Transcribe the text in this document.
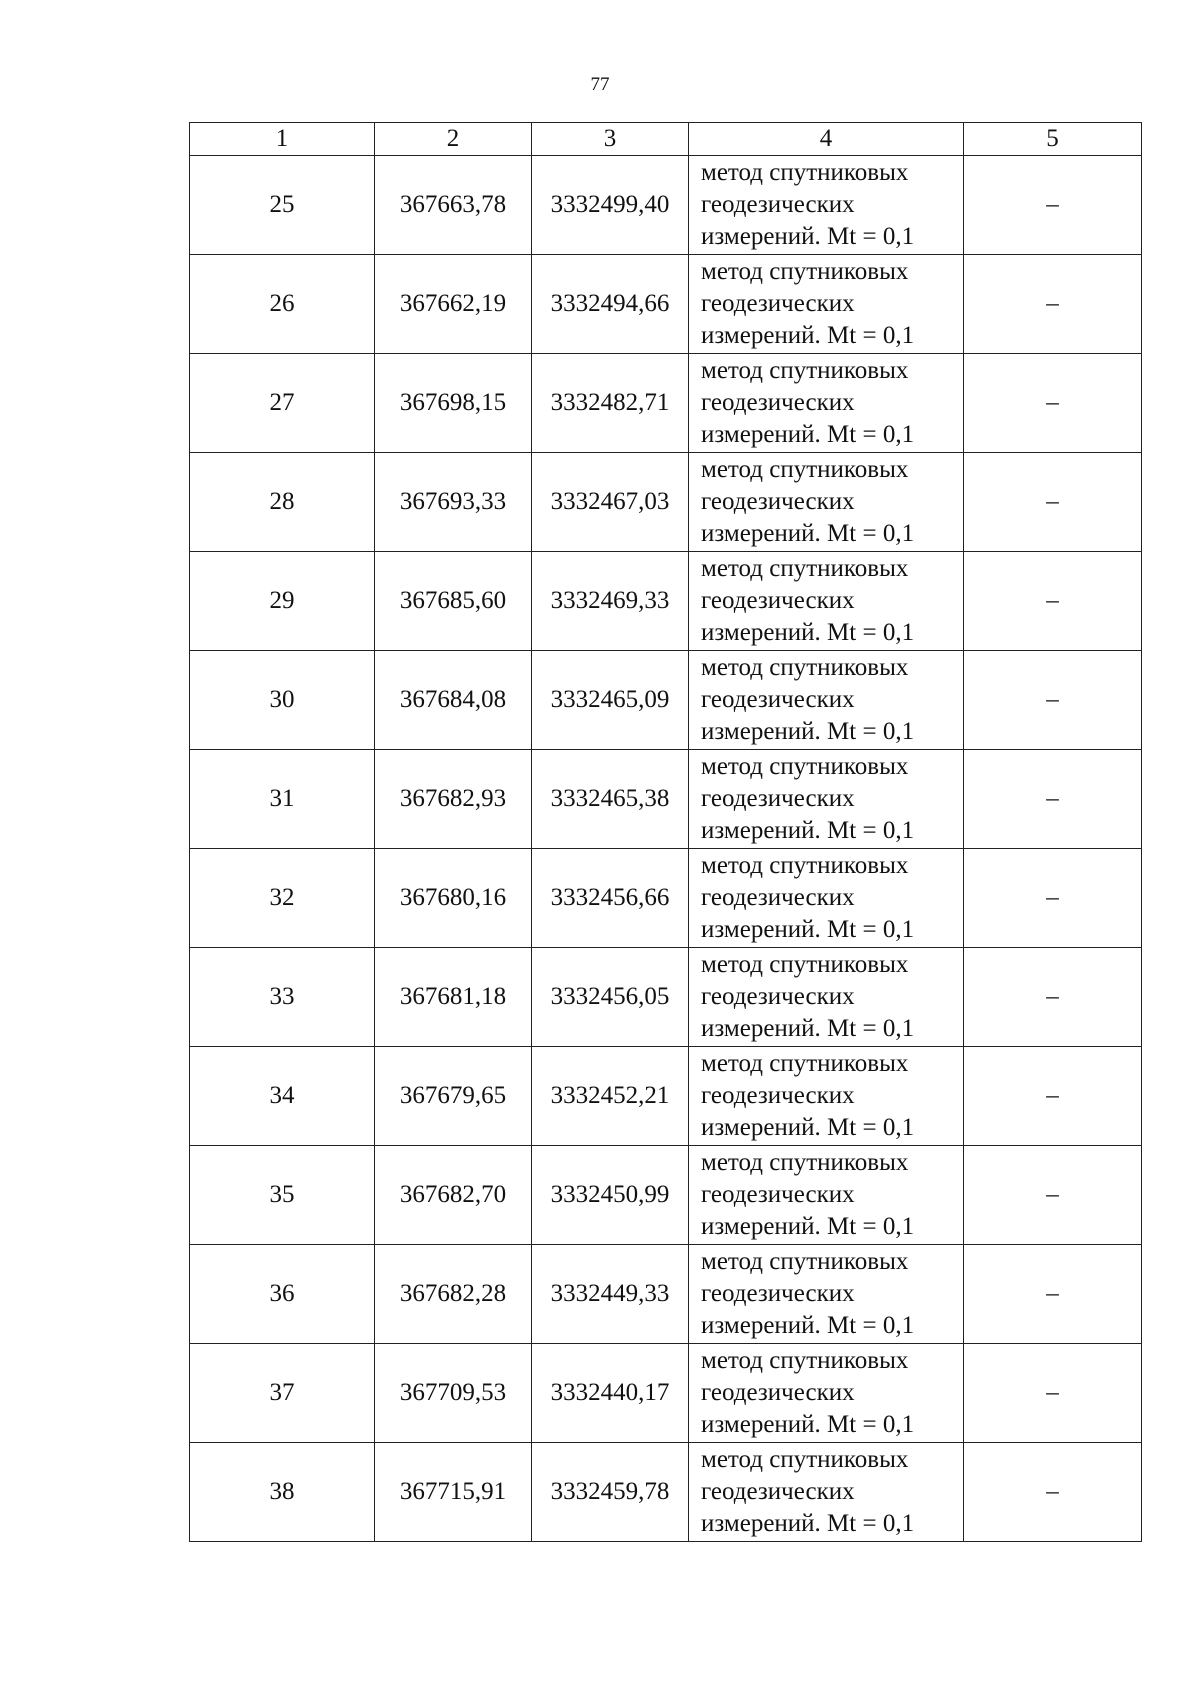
77
1	2	3	4	5
25	367663,78	3332499,40	метод спутниковых
геодезических
измерений. Mt = 0,1	–
26	367662,19	3332494,66	метод спутниковых
геодезических
измерений. Mt = 0,1	–
27	367698,15	3332482,71	метод спутниковых
геодезических
измерений. Mt = 0,1	–
28	367693,33	3332467,03	метод спутниковых
геодезических
измерений. Mt = 0,1	–
29	367685,60	3332469,33	метод спутниковых
геодезических
измерений. Mt = 0,1	–
30	367684,08	3332465,09	метод спутниковых
геодезических
измерений. Mt = 0,1	–
31	367682,93	3332465,38	метод спутниковых
геодезических
измерений. Mt = 0,1	–
32	367680,16	3332456,66	метод спутниковых
геодезических
измерений. Mt = 0,1	–
33	367681,18	3332456,05	метод спутниковых
геодезических
измерений. Mt = 0,1	–
34	367679,65	3332452,21	метод спутниковых
геодезических
измерений. Mt = 0,1	–
35	367682,70	3332450,99	метод спутниковых
геодезических
измерений. Mt = 0,1	–
36	367682,28	3332449,33	метод спутниковых
геодезических
измерений. Mt = 0,1	–
37	367709,53	3332440,17	метод спутниковых
геодезических
измерений. Mt = 0,1	–
38	367715,91	3332459,78	метод спутниковых
геодезических
измерений. Mt = 0,1	–
